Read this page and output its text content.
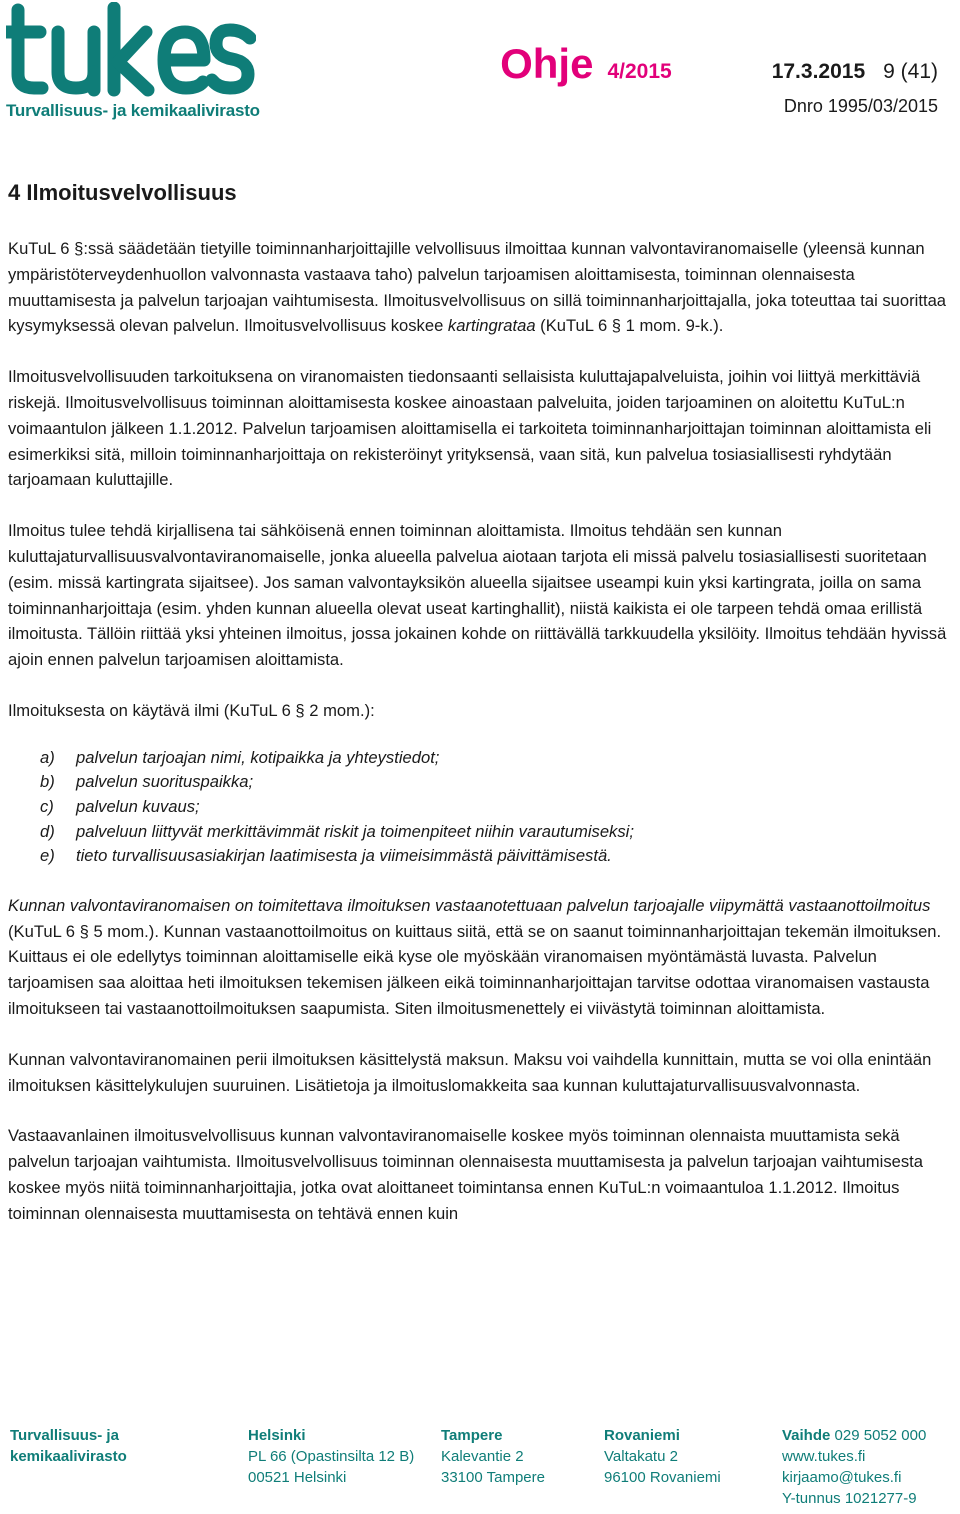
Turvallisuus- ja kemikaalivirasto
Ohje 4/2015	17.3.2015 9 (41)
Dnro 1995/03/2015
4 Ilmoitusvelvollisuus

KuTuL 6 §:ssä säädetään tietyille toiminnanharjoittajille velvollisuus ilmoittaa kunnan valvontaviranomaiselle (yleensä kunnan ympäristöterveydenhuollon valvonnasta vastaava taho) palvelun tarjoamisen aloittamisesta, toiminnan olennaisesta muuttamisesta ja palvelun tarjoajan vaihtumisesta. Ilmoitusvelvollisuus on sillä toiminnanharjoittajalla, joka toteuttaa tai suorittaa kysymyksessä olevan palvelun. Ilmoitusvelvollisuus koskee kartingrataa (KuTuL 6 § 1 mom. 9-k.).

Ilmoitusvelvollisuuden tarkoituksena on viranomaisten tiedonsaanti sellaisista kuluttajapalveluista, joihin voi liittyä merkittäviä riskejä. Ilmoitusvelvollisuus toiminnan aloittamisesta koskee ainoastaan palveluita, joiden tarjoaminen on aloitettu KuTuL:n voimaantulon jälkeen 1.1.2012. Palvelun tarjoamisen aloittamisella ei tarkoiteta toiminnanharjoittajan toiminnan aloittamista eli esimerkiksi sitä, milloin toiminnanharjoittaja on rekisteröinyt yrityksensä, vaan sitä, kun palvelua tosiasiallisesti ryhdytään tarjoamaan kuluttajille.

Ilmoitus tulee tehdä kirjallisena tai sähköisenä ennen toiminnan aloittamista. Ilmoitus tehdään sen kunnan kuluttajaturvallisuusvalvontaviranomaiselle, jonka alueella palvelua aiotaan tarjota eli missä palvelu tosiasiallisesti suoritetaan (esim. missä kartingrata sijaitsee). Jos saman valvontayksikön alueella sijaitsee useampi kuin yksi kartingrata, joilla on sama toiminnanharjoittaja (esim. yhden kunnan alueella olevat useat kartinghallit), niistä kaikista ei ole tarpeen tehdä omaa erillistä ilmoitusta. Tällöin riittää yksi yhteinen ilmoitus, jossa jokainen kohde on riittävällä tarkkuudella yksilöity. Ilmoitus tehdään hyvissä ajoin ennen palvelun tarjoamisen aloittamista.

Ilmoituksesta on käytävä ilmi (KuTuL 6 § 2 mom.):

a)	palvelun tarjoajan nimi, kotipaikka ja yhteystiedot;
b)	palvelun suorituspaikka;
c)	palvelun kuvaus;
d)	palveluun liittyvät merkittävimmät riskit ja toimenpiteet niihin varautumiseksi;
e)	tieto turvallisuusasiakirjan laatimisesta ja viimeisimmästä päivittämisestä.

Kunnan valvontaviranomaisen on toimitettava ilmoituksen vastaanotettuaan palvelun tarjoajalle viipymättä vastaanottoilmoitus (KuTuL 6 § 5 mom.). Kunnan vastaanottoilmoitus on kuittaus siitä, että se on saanut toiminnanharjoittajan tekemän ilmoituksen. Kuittaus ei ole edellytys toiminnan aloittamiselle eikä kyse ole myöskään viranomaisen myöntämästä luvasta. Palvelun tarjoamisen saa aloittaa heti ilmoituksen tekemisen jälkeen eikä toiminnanharjoittajan tarvitse odottaa viranomaisen vastausta ilmoitukseen tai vastaanottoilmoituksen saapumista. Siten ilmoitusmenettely ei viivästytä toiminnan aloittamista.

Kunnan valvontaviranomainen perii ilmoituksen käsittelystä maksun. Maksu voi vaihdella kunnittain, mutta se voi olla enintään ilmoituksen käsittelykulujen suuruinen. Lisätietoja ja ilmoituslomakkeita saa kunnan kuluttajaturvallisuusvalvonnasta.

Vastaavanlainen ilmoitusvelvollisuus kunnan valvontaviranomaiselle koskee myös toiminnan olennaista muuttamista sekä palvelun tarjoajan vaihtumista. Ilmoitusvelvollisuus toiminnan olennaisesta muuttamisesta ja palvelun tarjoajan vaihtumisesta koskee myös niitä toiminnanharjoittajia, jotka ovat aloittaneet toimintansa ennen KuTuL:n voimaantuloa 1.1.2012. Ilmoitus toiminnan olennaisesta muuttamisesta on tehtävä ennen kuin

Turvallisuus- ja
kemikaalivirasto
Helsinki
PL 66 (Opastinsilta 12 B)
00521 Helsinki
Tampere
Kalevantie 2
33100 Tampere
Rovaniemi
Valtakatu 2
96100 Rovaniemi
Vaihde 029 5052 000
www.tukes.fi
kirjaamo@tukes.fi
Y-tunnus 1021277-9
